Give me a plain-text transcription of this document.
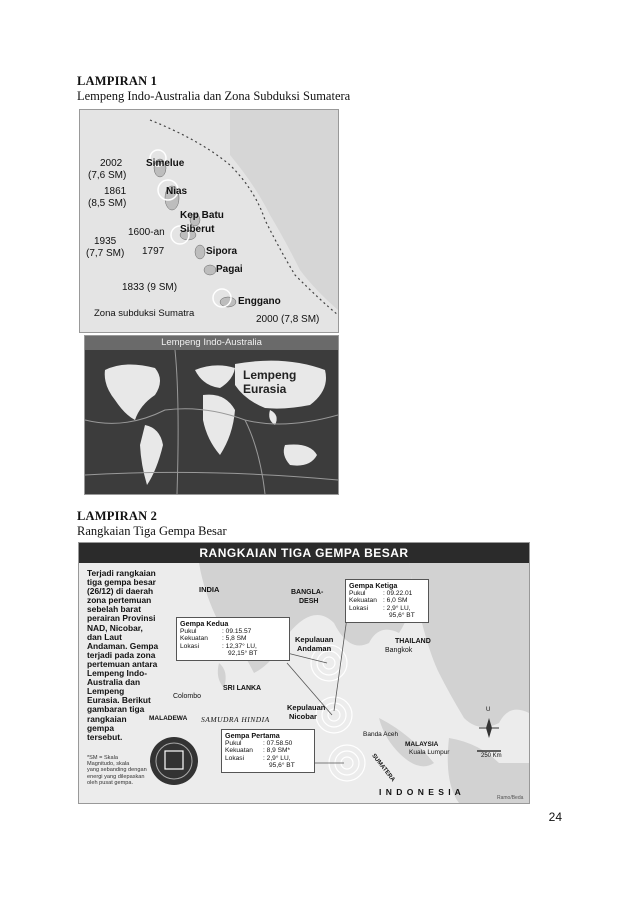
LAMPIRAN 1
Lempeng Indo-Australia dan Zona Subduksi Sumatera
2002
(7,6 SM)
Simelue
1861
(8,5 SM)
Nias
Kep Batu
1600-an Siberut
1935
(7,7 SM) 1797	Sipora
Pagai
1833 (9 SM)
Enggano
Zona subduksi Sumatra
2000 (7,8 SM)
Lempeng Indo-Australia
Lempeng
Eurasia
LAMPIRAN 2
Rangkaian Tiga Gempa Besar
RANGKAIAN TIGA GEMPA BESAR
Terjadi rangkaian
tiga gempa besar
(26/12) di daerah
zona pertemuan
sebelah barat
perairan Provinsi
NAD, Nicobar,
dan Laut
Andaman. Gempa
terjadi pada zona
pertemuan antara
Lempeng Indo-
Australia dan
Lempeng
Eurasia. Berikut
gambaran tiga
rangkaian
gempa
tersebut.
*SM = Skala
Magnitudo, skala
yang sebanding dengan
energi yang dilepaskan
oleh pusat gempa.
INDIA	BANGLA-
DESH
Kepulauan
Andaman
THAILAND
Bangkok
Colombo
SRI LANKA
Kepulauan
Nicobar
MALADEWA SAMUDRA HINDIA
Banda Aceh
MALAYSIA
Kuala Lumpur
SUMATERA
I N D O N E S I A
U
250 Km
Ramo/Beda
Gempa Ketiga
Pukul	: 09.22.01
Kekuatan : 6,0 SM
Lokasi : 2,9° LU,
95,6° BT
Gempa Kedua
Pukul	: 09.15.57
Kekuatan : 5,8 SM
Lokasi	: 12,37° LU,
92,15° BT
Gempa Pertama
Pukul	: 07.58.50
Kekuatan : 8,9 SM*
Lokasi	: 2,9° LU,
95,6° BT
24
